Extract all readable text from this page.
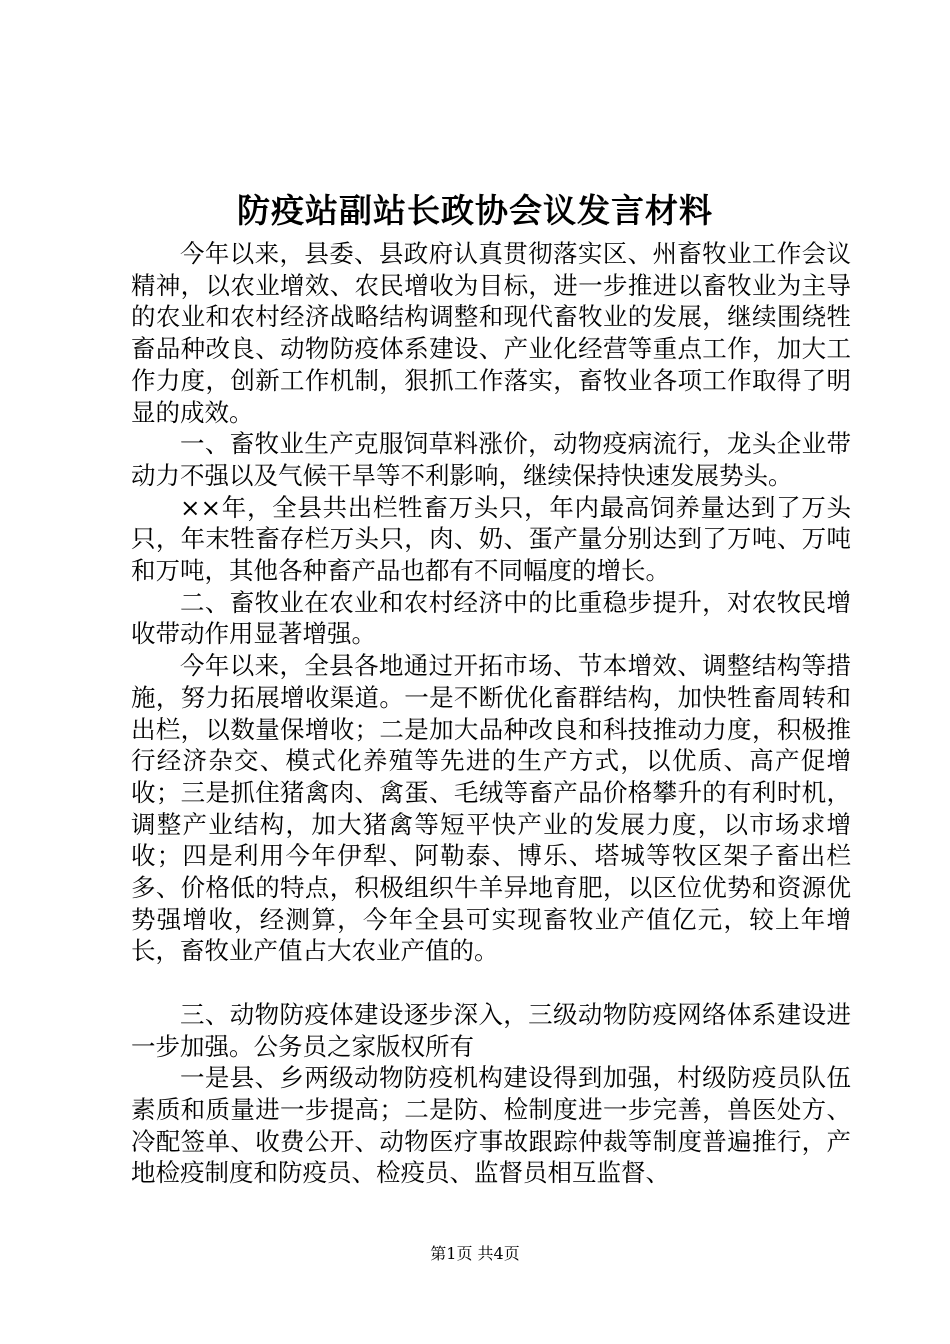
防疫站副站长政协会议发言材料

今年以来，县委、县政府认真贯彻落实区、州畜牧业工作会议精神，以农业增效、农民增收为目标，进一步推进以畜牧业为主导的农业和农村经济战略结构调整和现代畜牧业的发展，继续围绕牲畜品种改良、动物防疫体系建设、产业化经营等重点工作，加大工作力度，创新工作机制，狠抓工作落实，畜牧业各项工作取得了明显的成效。

一、畜牧业生产克服饲草料涨价，动物疫病流行，龙头企业带动力不强以及气候干旱等不利影响，继续保持快速发展势头。

××年，全县共出栏牲畜万头只，年内最高饲养量达到了万头只，年末牲畜存栏万头只，肉、奶、蛋产量分别达到了万吨、万吨和万吨，其他各种畜产品也都有不同幅度的增长。

二、畜牧业在农业和农村经济中的比重稳步提升，对农牧民增收带动作用显著增强。

今年以来，全县各地通过开拓市场、节本增效、调整结构等措施，努力拓展增收渠道。一是不断优化畜群结构，加快牲畜周转和出栏，以数量保增收；二是加大品种改良和科技推动力度，积极推行经济杂交、模式化养殖等先进的生产方式，以优质、高产促增收；三是抓住猪禽肉、禽蛋、毛绒等畜产品价格攀升的有利时机，调整产业结构，加大猪禽等短平快产业的发展力度，以市场求增收；四是利用今年伊犁、阿勒泰、博乐、塔城等牧区架子畜出栏多、价格低的特点，积极组织牛羊异地育肥，以区位优势和资源优势强增收，经测算，今年全县可实现畜牧业产值亿元，较上年增长，畜牧业产值占大农业产值的。

三、动物防疫体建设逐步深入，三级动物防疫网络体系建设进一步加强。公务员之家版权所有

一是县、乡两级动物防疫机构建设得到加强，村级防疫员队伍素质和质量进一步提高；二是防、检制度进一步完善，兽医处方、冷配签单、收费公开、动物医疗事故跟踪仲裁等制度普遍推行，产地检疫制度和防疫员、检疫员、监督员相互监督、

第1页 共4页
